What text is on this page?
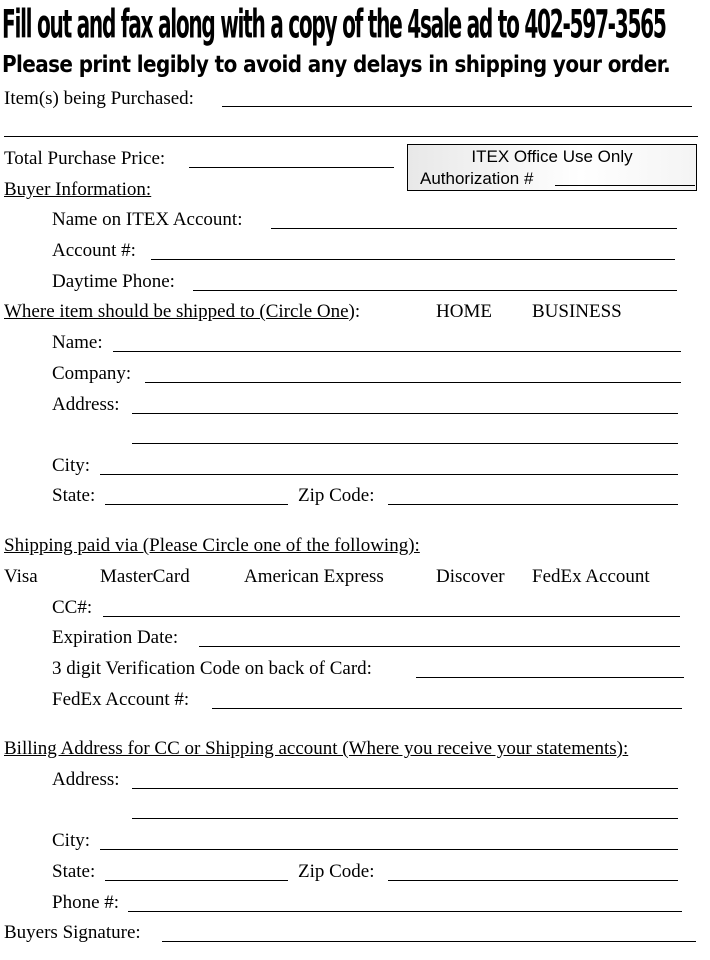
Fill out and fax along with a copy of the 4sale ad to 402-597-3565
Please print legibly to avoid any delays in shipping your order.
Item(s) being Purchased:
Total Purchase Price:	ITEX Office Use Only
Authorization #
Buyer Information:
Name on ITEX Account:
Account #:
Daytime Phone:
Where item should be shipped to (Circle One):	HOME BUSINESS
Name:
Company:
Address:
City:
State:	Zip Code:
Shipping paid via (Please Circle one of the following):
Visa	MasterCard	American Express	Discover FedEx Account
CC#:
Expiration Date:
3 digit Verification Code on back of Card:
FedEx Account #:
Billing Address for CC or Shipping account (Where you receive your statements):
Address:
City:
State:	Zip Code:
Phone #:
Buyers Signature:
